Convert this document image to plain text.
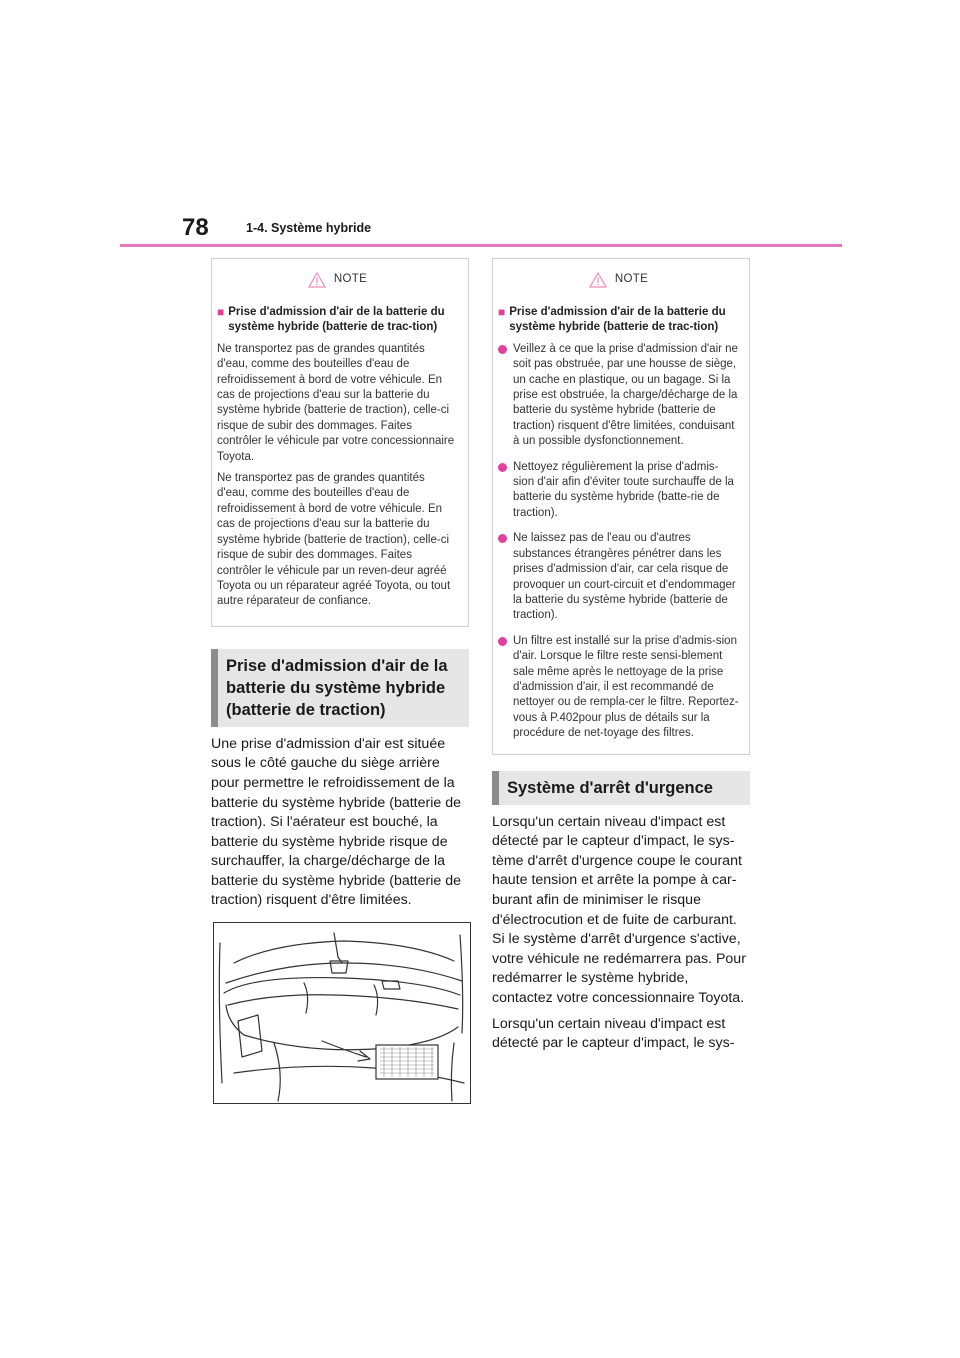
78	1-4. Système hybride
NOTE
■ Prise d'admission d'air de la batterie du système hybride (batterie de trac-tion)

Ne transportez pas de grandes quantités d'eau, comme des bouteilles d'eau de refroidissement à bord de votre véhicule. En cas de projections d'eau sur la batterie du système hybride (batterie de traction), celle-ci risque de subir des dommages. Faites contrôler le véhicule par votre concessionnaire Toyota.

Ne transportez pas de grandes quantités d'eau, comme des bouteilles d'eau de refroidissement à bord de votre véhicule. En cas de projections d'eau sur la batterie du système hybride (batterie de traction), celle-ci risque de subir des dommages. Faites contrôler le véhicule par un reven-deur agréé Toyota ou un réparateur agréé Toyota, ou tout autre réparateur de confiance.

Prise d'admission d'air de la batterie du système hybride (batterie de traction)

Une prise d'admission d'air est située sous le côté gauche du siège arrière pour permettre le refroidissement de la batterie du système hybride (batterie de traction). Si l'aérateur est bouché, la batterie du système hybride risque de surchauffer, la charge/décharge de la batterie du système hybride (batterie de traction) risquent d'être limitées.

NOTE
■ Prise d'admission d'air de la batterie du système hybride (batterie de trac-tion)
Veillez à ce que la prise d'admission d'air ne soit pas obstruée, par une housse de siège, un cache en plastique, ou un bagage. Si la prise est obstruée, la charge/décharge de la batterie du système hybride (batterie de traction) risquent d'être limitées, conduisant à un possible dysfonctionnement.
Nettoyez régulièrement la prise d'admis-sion d'air afin d'éviter toute surchauffe de la batterie du système hybride (batte-rie de traction).
Ne laissez pas de l'eau ou d'autres substances étrangères pénétrer dans les prises d'admission d'air, car cela risque de provoquer un court-circuit et d'endommager la batterie du système hybride (batterie de traction).
Un filtre est installé sur la prise d'admis-sion d'air. Lorsque le filtre reste sensi-blement sale même après le nettoyage de la prise d'admission d'air, il est recommandé de nettoyer ou de rempla-cer le filtre. Reportez-vous à P.402pour plus de détails sur la procédure de net-toyage des filtres.
Système d'arrêt d'urgence

Lorsqu'un certain niveau d'impact est détecté par le capteur d'impact, le sys-tème d'arrêt d'urgence coupe le courant haute tension et arrête la pompe à car-burant afin de minimiser le risque d'électrocution et de fuite de carburant. Si le système d'arrêt d'urgence s'active, votre véhicule ne redémarrera pas. Pour redémarrer le système hybride, contactez votre concessionnaire Toyota.

Lorsqu'un certain niveau d'impact est détecté par le capteur d'impact, le sys-
